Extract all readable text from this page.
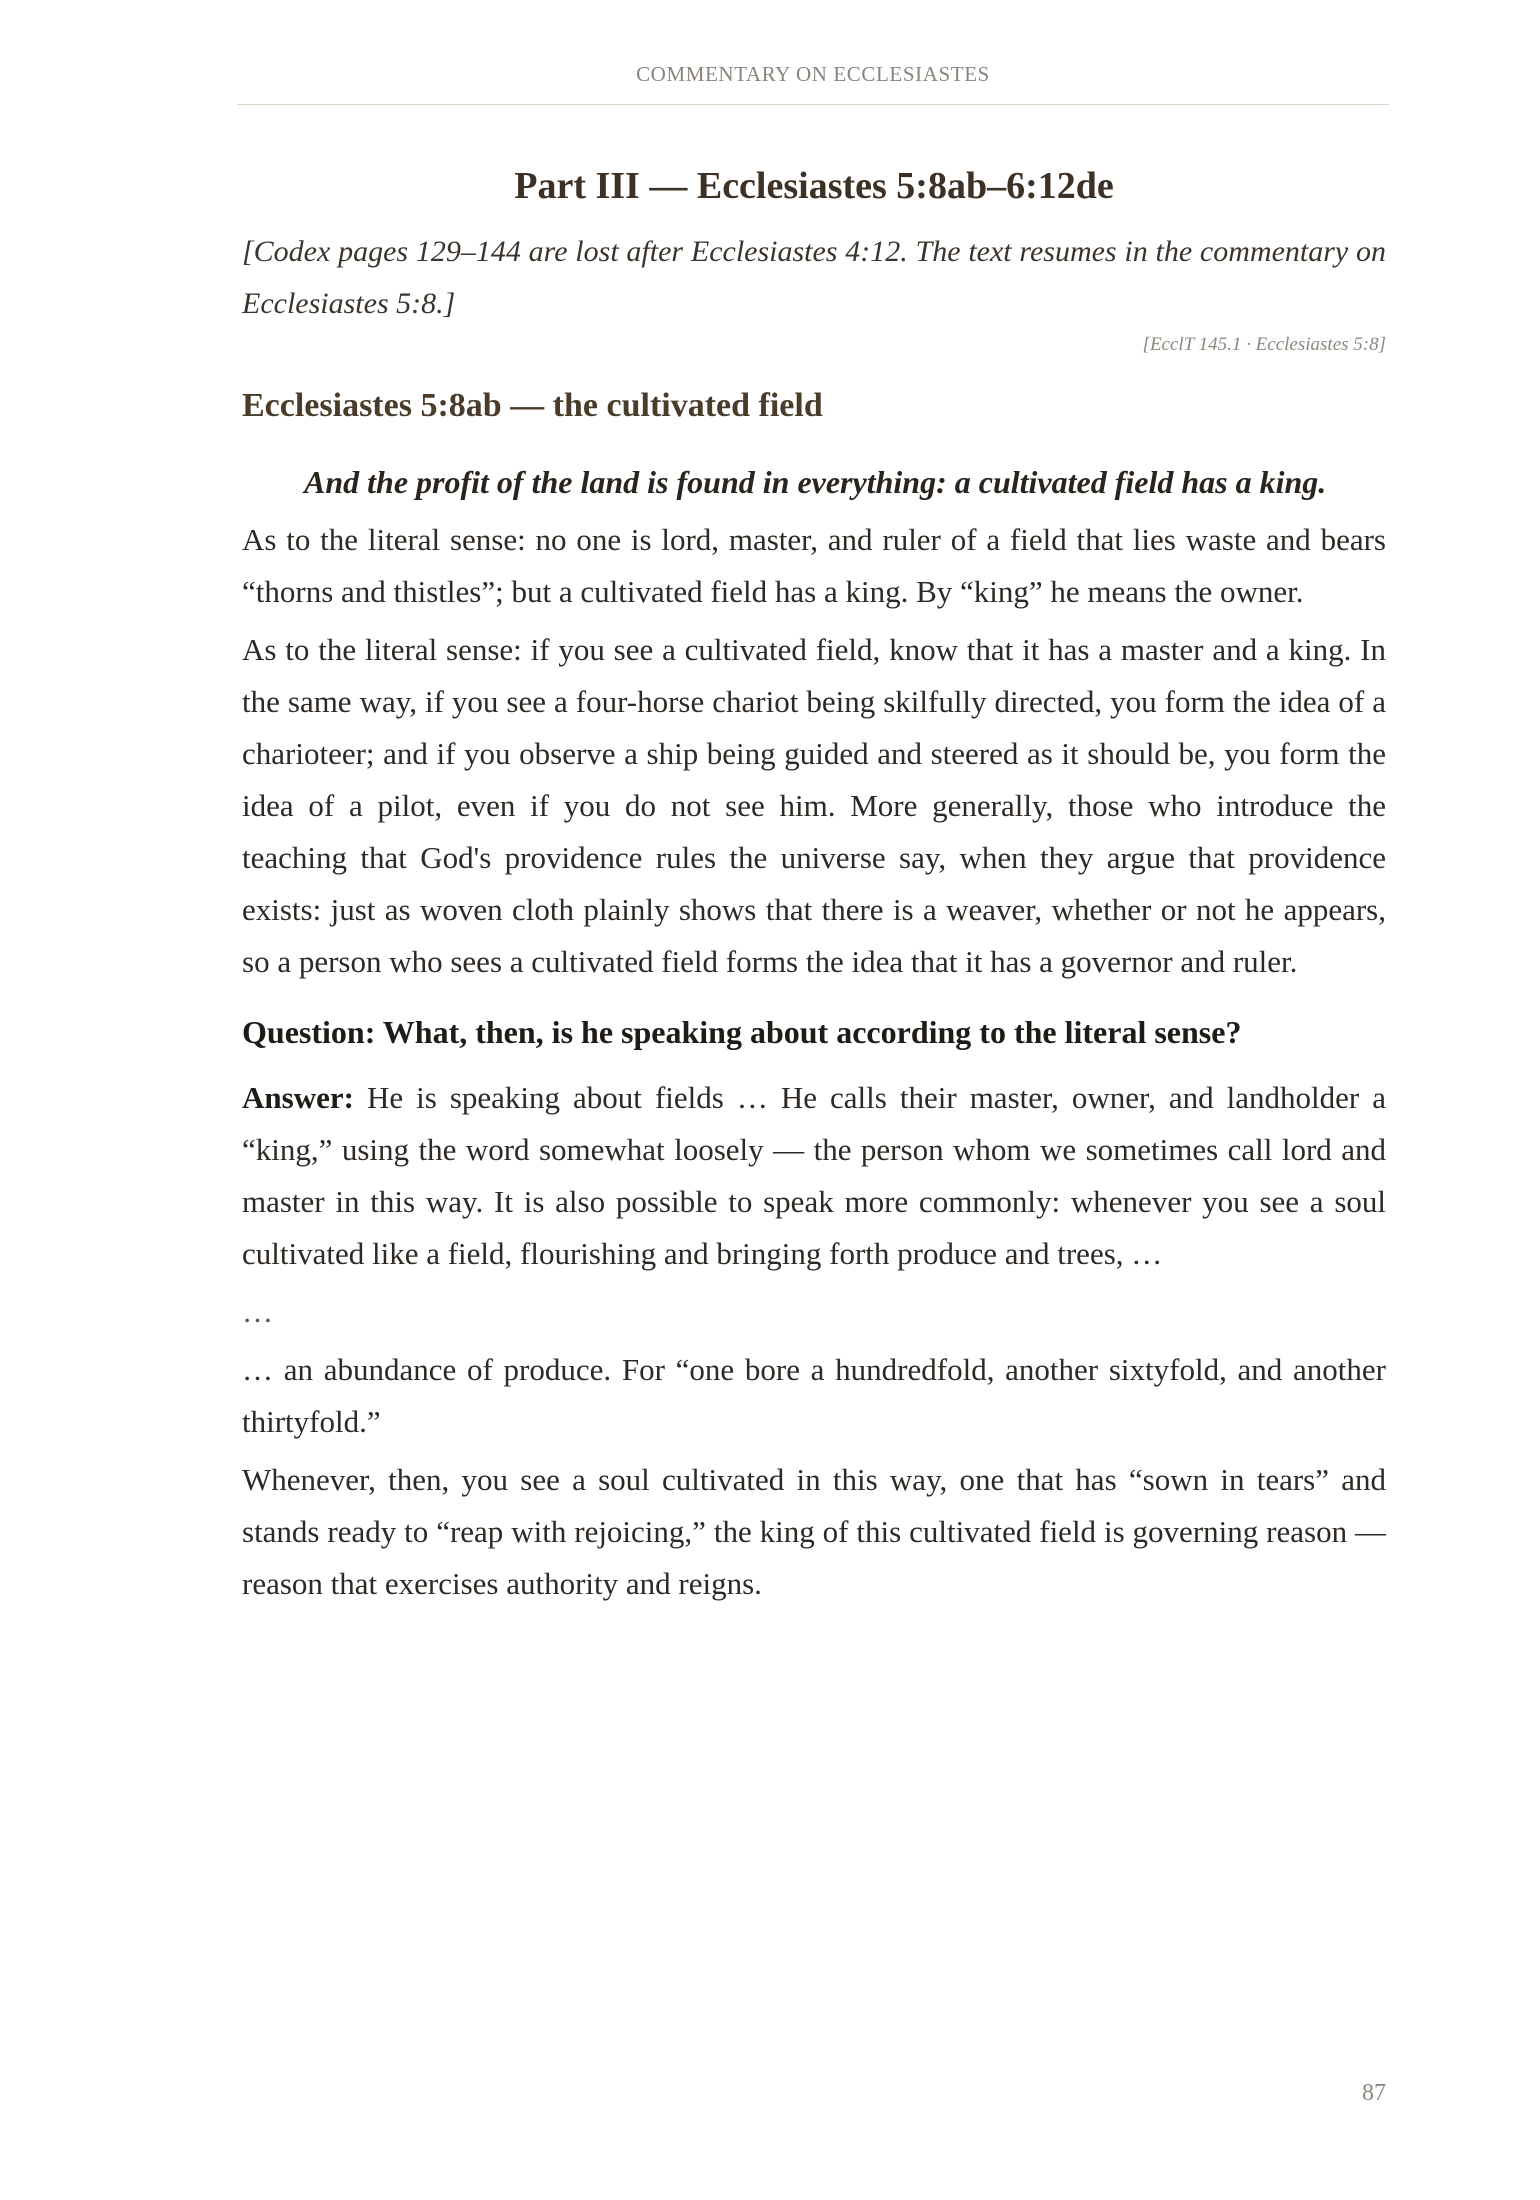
COMMENTARY ON ECCLESIASTES
Part III — Ecclesiastes 5:8ab–6:12de

[Codex pages 129–144 are lost after Ecclesiastes 4:12. The text resumes in the commentary on Ecclesiastes 5:8.]

[EcclT 145.1 · Ecclesiastes 5:8]

Ecclesiastes 5:8ab — the cultivated field

And the profit of the land is found in everything: a cultivated field has a king.

As to the literal sense: no one is lord, master, and ruler of a field that lies waste and bears “thorns and thistles”; but a cultivated field has a king. By “king” he means the owner.

As to the literal sense: if you see a cultivated field, know that it has a master and a king. In the same way, if you see a four-horse chariot being skilfully directed, you form the idea of a charioteer; and if you observe a ship being guided and steered as it should be, you form the idea of a pilot, even if you do not see him. More generally, those who introduce the teaching that God's providence rules the universe say, when they argue that providence exists: just as woven cloth plainly shows that there is a weaver, whether or not he appears, so a person who sees a cultivated field forms the idea that it has a governor and ruler.

Question: What, then, is he speaking about according to the literal sense?

Answer: He is speaking about fields … He calls their master, owner, and landholder a “king,” using the word somewhat loosely — the person whom we sometimes call lord and master in this way. It is also possible to speak more commonly: whenever you see a soul cultivated like a field, flourishing and bringing forth produce and trees, …

…

… an abundance of produce. For “one bore a hundredfold, another sixtyfold, and another thirtyfold.”

Whenever, then, you see a soul cultivated in this way, one that has “sown in tears” and stands ready to “reap with rejoicing,” the king of this cultivated field is governing reason — reason that exercises authority and reigns.

87
